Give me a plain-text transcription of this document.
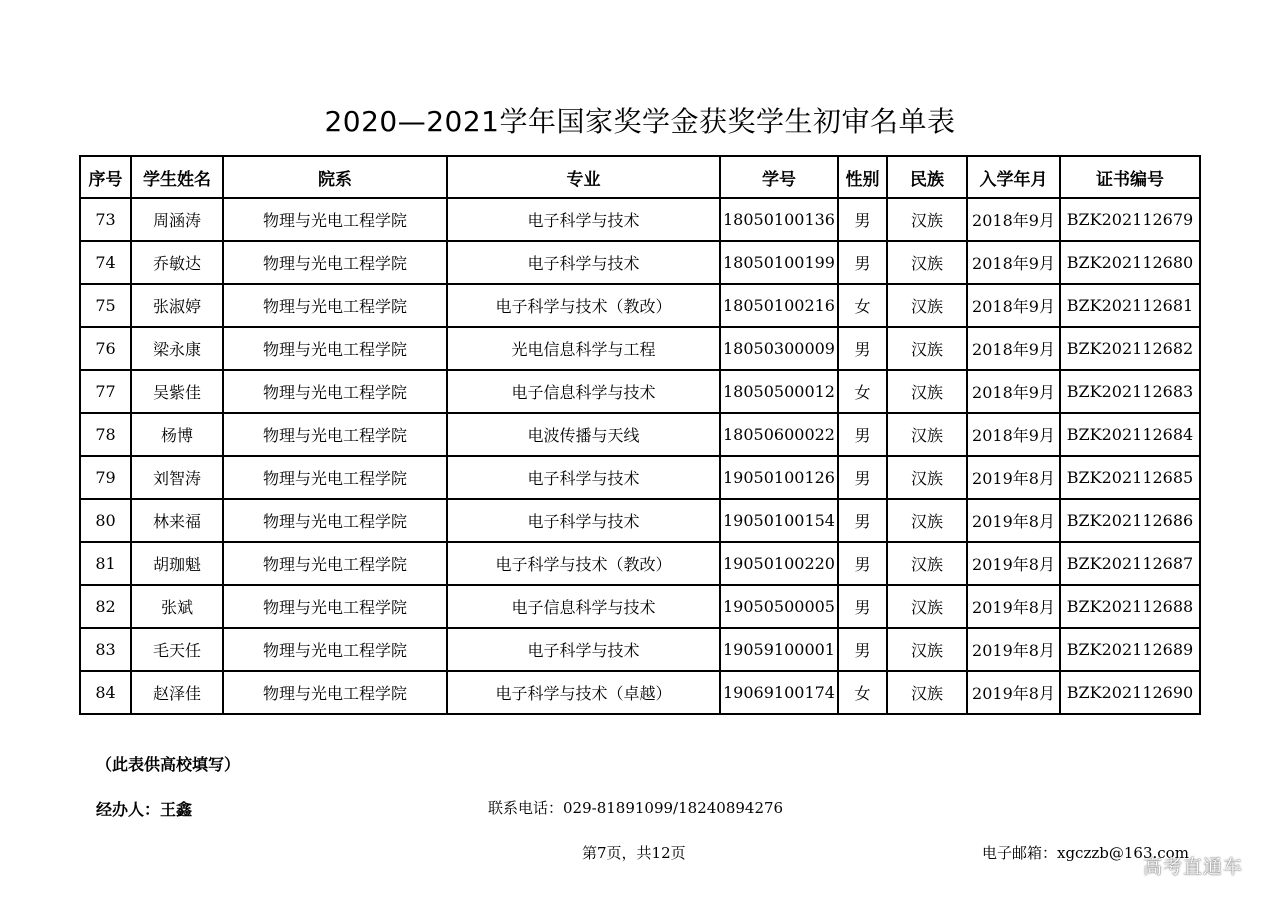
2020—2021学年国家奖学金获奖学生初审名单表
序号	学生姓名	院系	专业	学号	性别	民族	入学年月	证书编号
73	周涵涛	物理与光电工程学院	电子科学与技术	18050100136	男	汉族	2018年9月	BZK202112679
74	乔敏达	物理与光电工程学院	电子科学与技术	18050100199	男	汉族	2018年9月	BZK202112680
75	张淑婷	物理与光电工程学院	电子科学与技术（教改）	18050100216	女	汉族	2018年9月	BZK202112681
76	梁永康	物理与光电工程学院	光电信息科学与工程	18050300009	男	汉族	2018年9月	BZK202112682
77	吴紫佳	物理与光电工程学院	电子信息科学与技术	18050500012	女	汉族	2018年9月	BZK202112683
78	杨博	物理与光电工程学院	电波传播与天线	18050600022	男	汉族	2018年9月	BZK202112684
79	刘智涛	物理与光电工程学院	电子科学与技术	19050100126	男	汉族	2019年8月	BZK202112685
80	林来福	物理与光电工程学院	电子科学与技术	19050100154	男	汉族	2019年8月	BZK202112686
81	胡珈魁	物理与光电工程学院	电子科学与技术（教改）	19050100220	男	汉族	2019年8月	BZK202112687
82	张斌	物理与光电工程学院	电子信息科学与技术	19050500005	男	汉族	2019年8月	BZK202112688
83	毛天任	物理与光电工程学院	电子科学与技术	19059100001	男	汉族	2019年8月	BZK202112689
84	赵泽佳	物理与光电工程学院	电子科学与技术（卓越）	19069100174	女	汉族	2019年8月	BZK202112690
（此表供高校填写）
经办人：王鑫	联系电话：029-81891099/18240894276
第7页，共12页	电子邮箱：xgczzb@163.com
高考直通车
